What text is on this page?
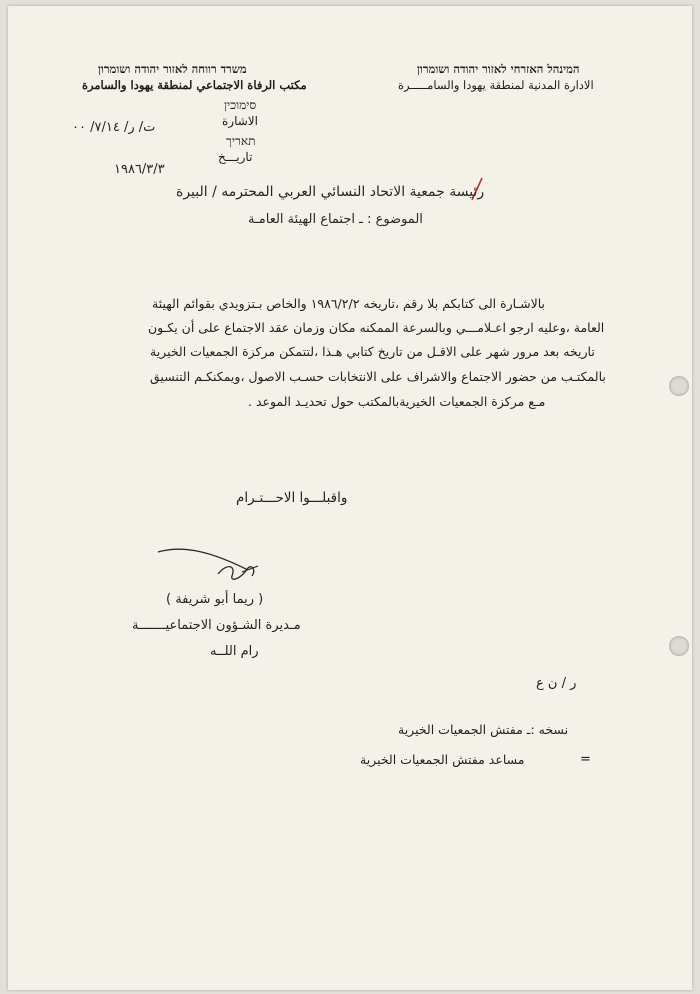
משרד רווחה לאזור יהודה ושומרון
مكتب الرفاة الاجتماعي لمنطقة يهودا والسامرة
המינהל האזרחי לאזור יהודה ושומרון
الادارة المدنية لمنطقة يهودا والسامـــــرة
סימוכין
الاشارة
תאריך
تاريـــخ
ت/ ر/ ٧/١٤/ ٠٠
١٩٨٦/٣/٣
رئيسة جمعية الاتحاد النسائي العربي المحترمه / البيرة
الموضوع : ـ اجتماع الهيئة العامـة
بالاشـارة الى كتابكم بلا رقم ،تاريخه ١٩٨٦/٢/٢ والخاص بـتزويدي بقوائم الهيئة
العامة ،وعليه ارجو اعـلامـــي وبالسرعة الممكنه مكان وزمان عقد الاجتماع على أن يكـون
تاريخه بعد مرور شهر على الاقـل من تاريخ كتابي هـذا ،لتتمكن مركزة الجمعيات الخيرية
بالمكتـب من حضور الاجتماع والاشراف على الانتخابات حسـب الاصول ،ويمكنكـم التنسيق
مـع مركزة الجمعيات الخيريةبالمكتب حول تحديـد الموعد .
واقبلـــوا الاحـــتـرام
( ريما أبو شريفة )
مـديرة الشـؤون الاجتماعيـــــــة
رام اللــه
ر / ن ع
نسخه :ـ مفتش الجمعيات الخيرية
=
مساعد مفتش الجمعيات الخيرية
